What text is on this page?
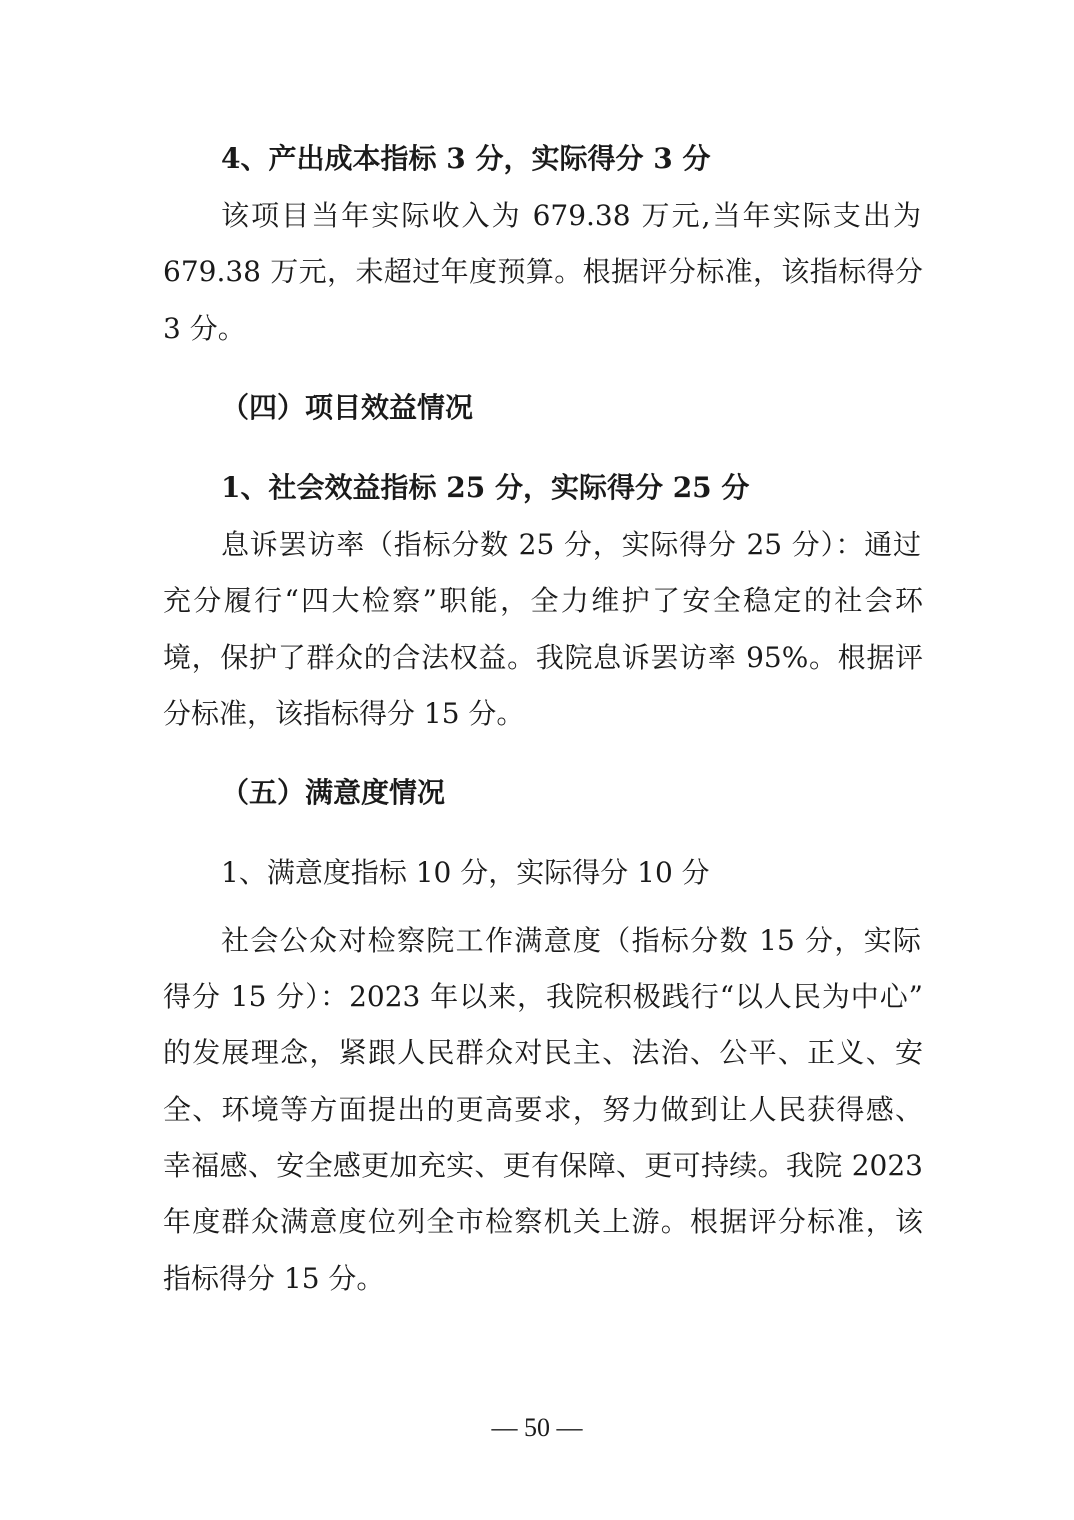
4、产出成本指标 3 分，实际得分 3 分
该项目当年实际收入为 679.38 万元,当年实际支出为
679.38 万元，未超过年度预算。根据评分标准，该指标得分
3 分。
（四）项目效益情况
1、社会效益指标 25 分，实际得分 25 分
息诉罢访率（指标分数 25 分，实际得分 25 分）：通过
充分履行“四大检察”职能，全力维护了安全稳定的社会环
境，保护了群众的合法权益。我院息诉罢访率 95%。根据评
分标准，该指标得分 15 分。
（五）满意度情况
1、满意度指标 10 分，实际得分 10 分
社会公众对检察院工作满意度（指标分数 15 分，实际
得分 15 分）：2023 年以来，我院积极践行“以人民为中心”
的发展理念，紧跟人民群众对民主、法治、公平、正义、安
全、环境等方面提出的更高要求，努力做到让人民获得感、
幸福感、安全感更加充实、更有保障、更可持续。我院 2023
年度群众满意度位列全市检察机关上游。根据评分标准，该
指标得分 15 分。
— 50 —
